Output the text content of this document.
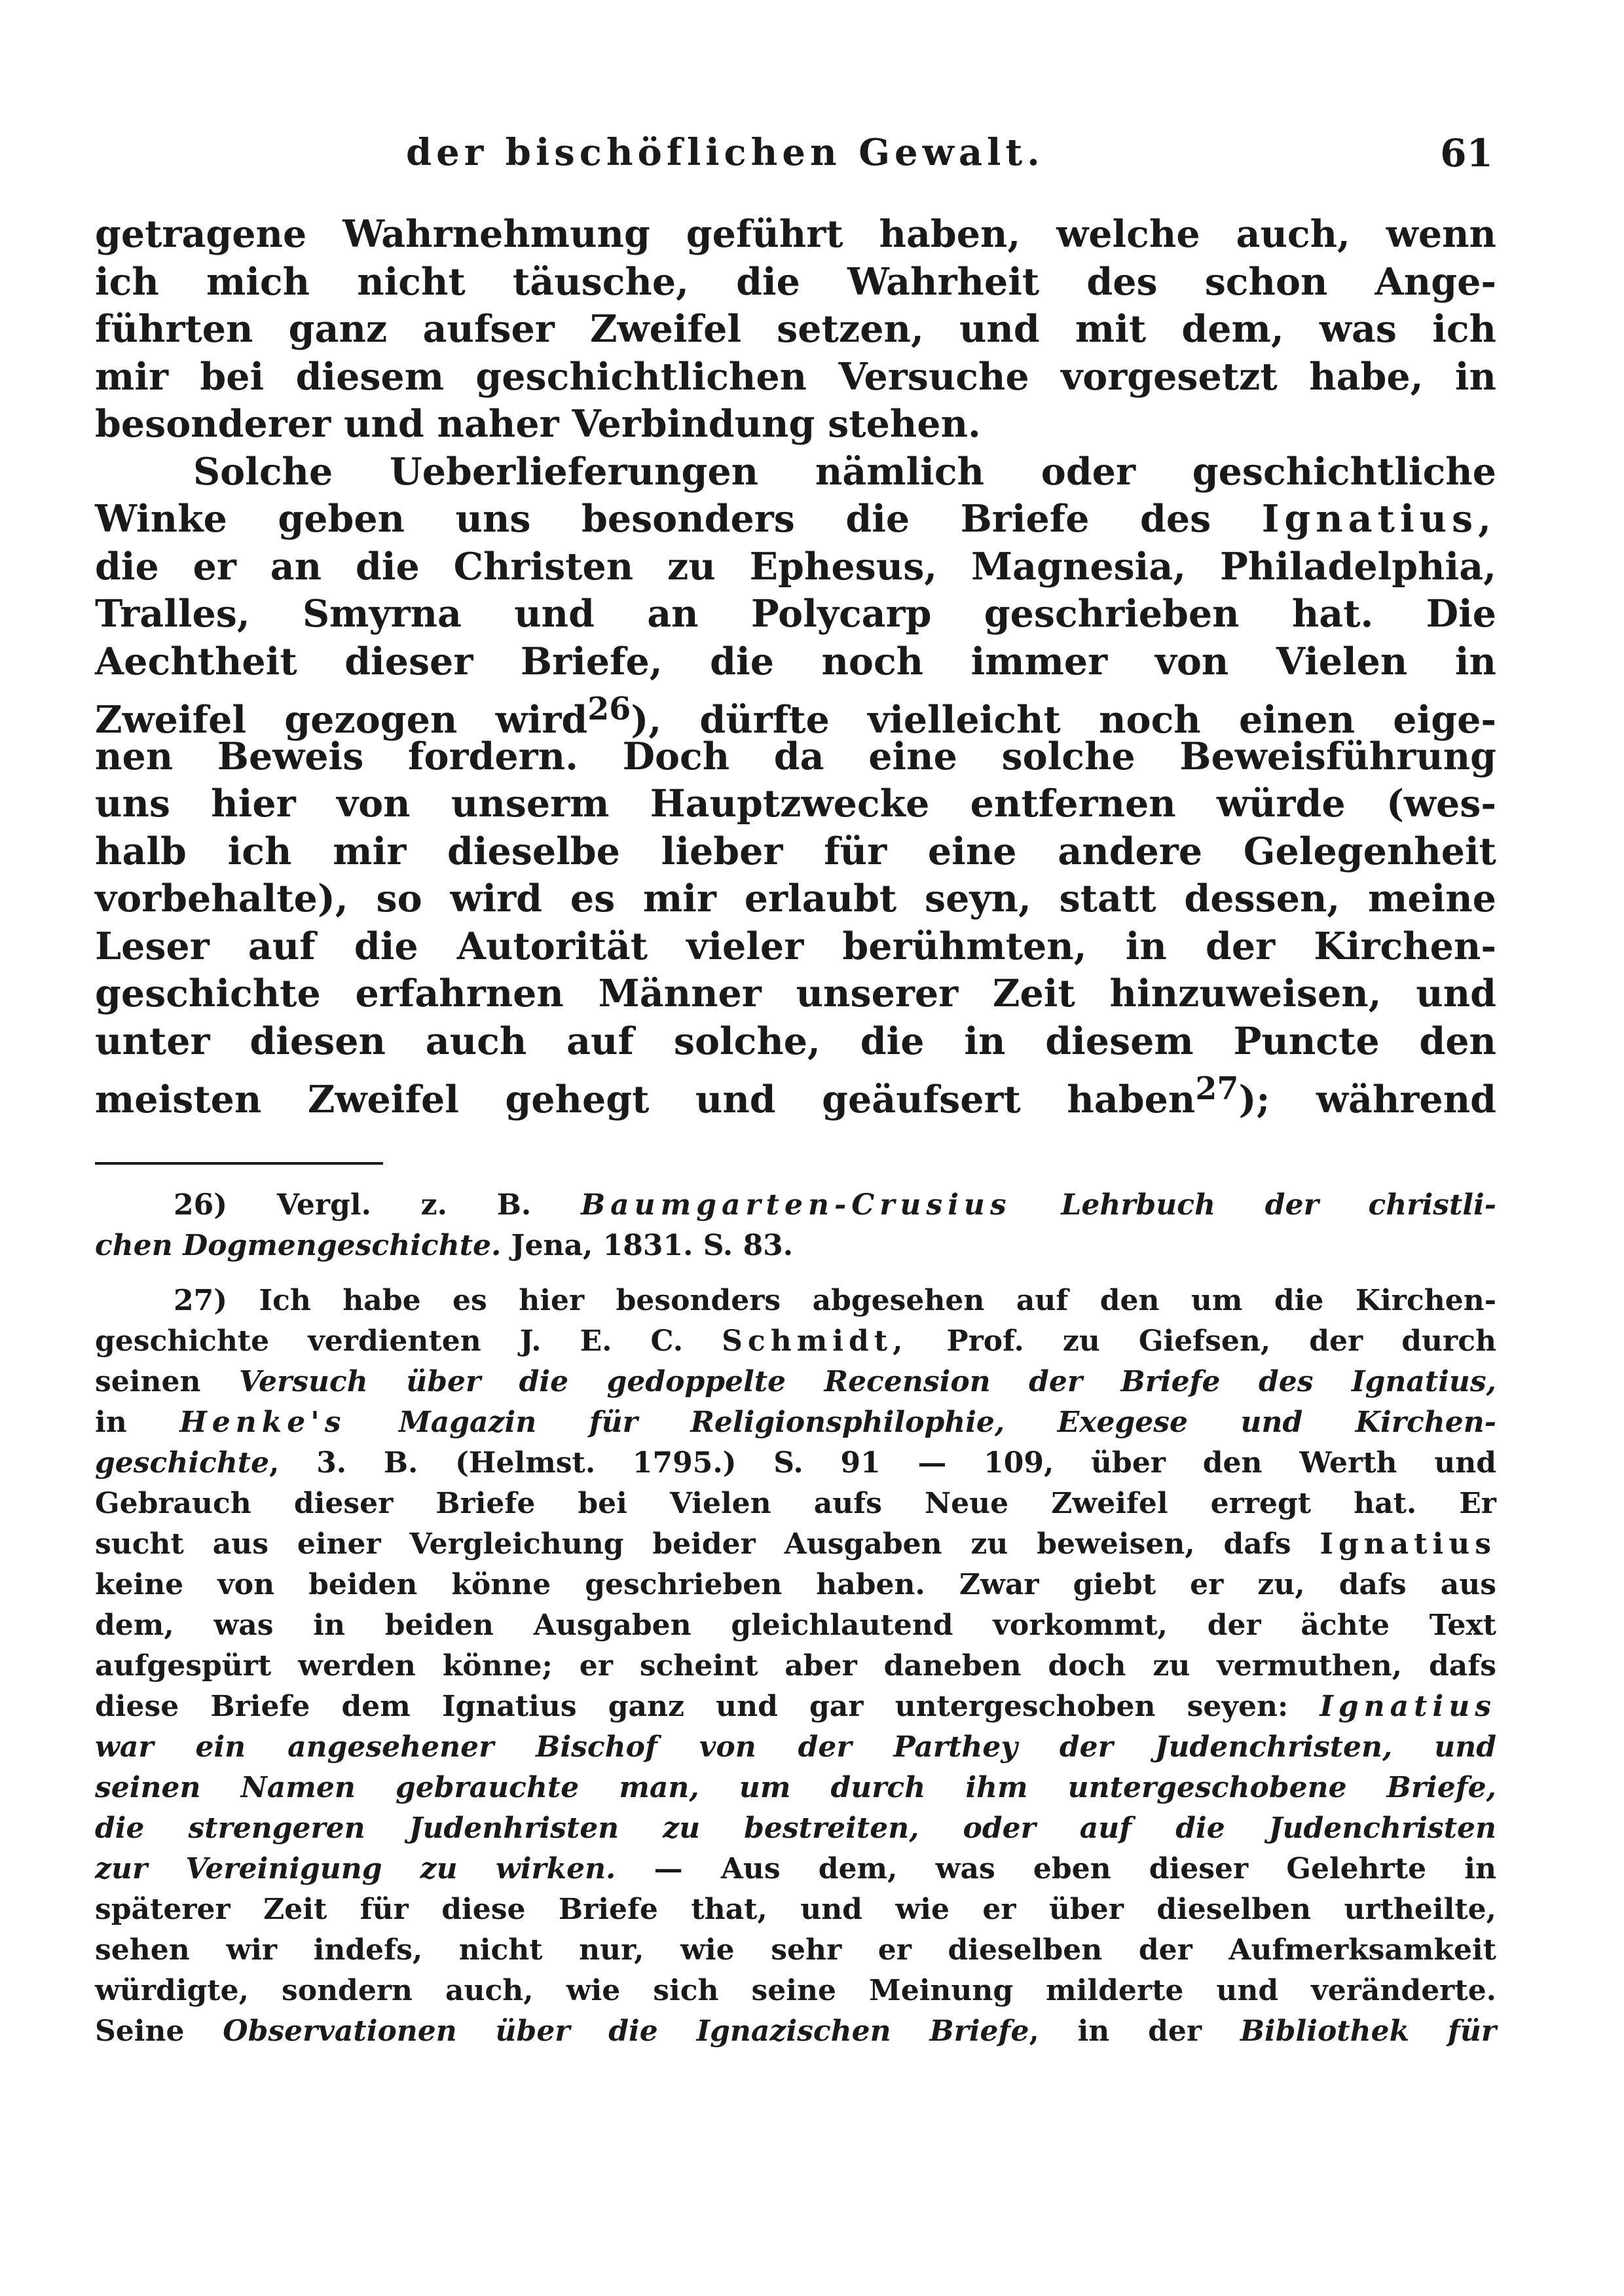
der bischöflichen Gewalt.	61
getragene Wahrnehmung geführt haben, welche auch, wenn
ich mich nicht täusche, die Wahrheit des schon Ange-
führten ganz aufser Zweifel setzen, und mit dem, was ich
mir bei diesem geschichtlichen Versuche vorgesetzt habe, in
besonderer und naher Verbindung stehen.
Solche Ueberlieferungen nämlich oder geschichtliche
Winke geben uns besonders die Briefe des Ignatius,
die er an die Christen zu Ephesus, Magnesia, Philadelphia,
Tralles, Smyrna und an Polycarp geschrieben hat. Die
Aechtheit dieser Briefe, die noch immer von Vielen in
Zweifel gezogen wird$^{26}$), dürfte vielleicht noch einen eige-
nen Beweis fordern. Doch da eine solche Beweisführung
uns hier von unserm Hauptzwecke entfernen würde (wes-
halb ich mir dieselbe lieber für eine andere Gelegenheit
vorbehalte), so wird es mir erlaubt seyn, statt dessen, meine
Leser auf die Autorität vieler berühmten, in der Kirchen-
geschichte erfahrnen Männer unserer Zeit hinzuweisen, und
unter diesen auch auf solche, die in diesem Puncte den
meisten Zweifel gehegt und geäufsert haben$^{27}$); während
26) Vergl. z. B. Baumgarten-Crusius Lehrbuch der christli-
chen Dogmengeschichte. Jena, 1831. S. 83.
27) Ich habe es hier besonders abgesehen auf den um die Kirchen-
geschichte verdienten J. E. C. Schmidt, Prof. zu Giefsen, der durch
seinen Versuch über die gedoppelte Recension der Briefe des Ignatius,
in Henke's Magazin für Religionsphilophie, Exegese und Kirchen-
geschichte, 3. B. (Helmst. 1795.) S. 91 — 109, über den Werth und
Gebrauch dieser Briefe bei Vielen aufs Neue Zweifel erregt hat. Er
sucht aus einer Vergleichung beider Ausgaben zu beweisen, dafs Ignatius
keine von beiden könne geschrieben haben. Zwar giebt er zu, dafs aus
dem, was in beiden Ausgaben gleichlautend vorkommt, der ächte Text
aufgespürt werden könne; er scheint aber daneben doch zu vermuthen, dafs
diese Briefe dem Ignatius ganz und gar untergeschoben seyen: Ignatius
war ein angesehener Bischof von der Parthey der Judenchristen, und
seinen Namen gebrauchte man, um durch ihm untergeschobene Briefe,
die strengeren Judenhristen zu bestreiten, oder auf die Judenchristen
zur Vereinigung zu wirken. — Aus dem, was eben dieser Gelehrte in
späterer Zeit für diese Briefe that, und wie er über dieselben urtheilte,
sehen wir indefs, nicht nur, wie sehr er dieselben der Aufmerksamkeit
würdigte, sondern auch, wie sich seine Meinung milderte und veränderte.
Seine Observationen über die Ignazischen Briefe, in der Bibliothek für
